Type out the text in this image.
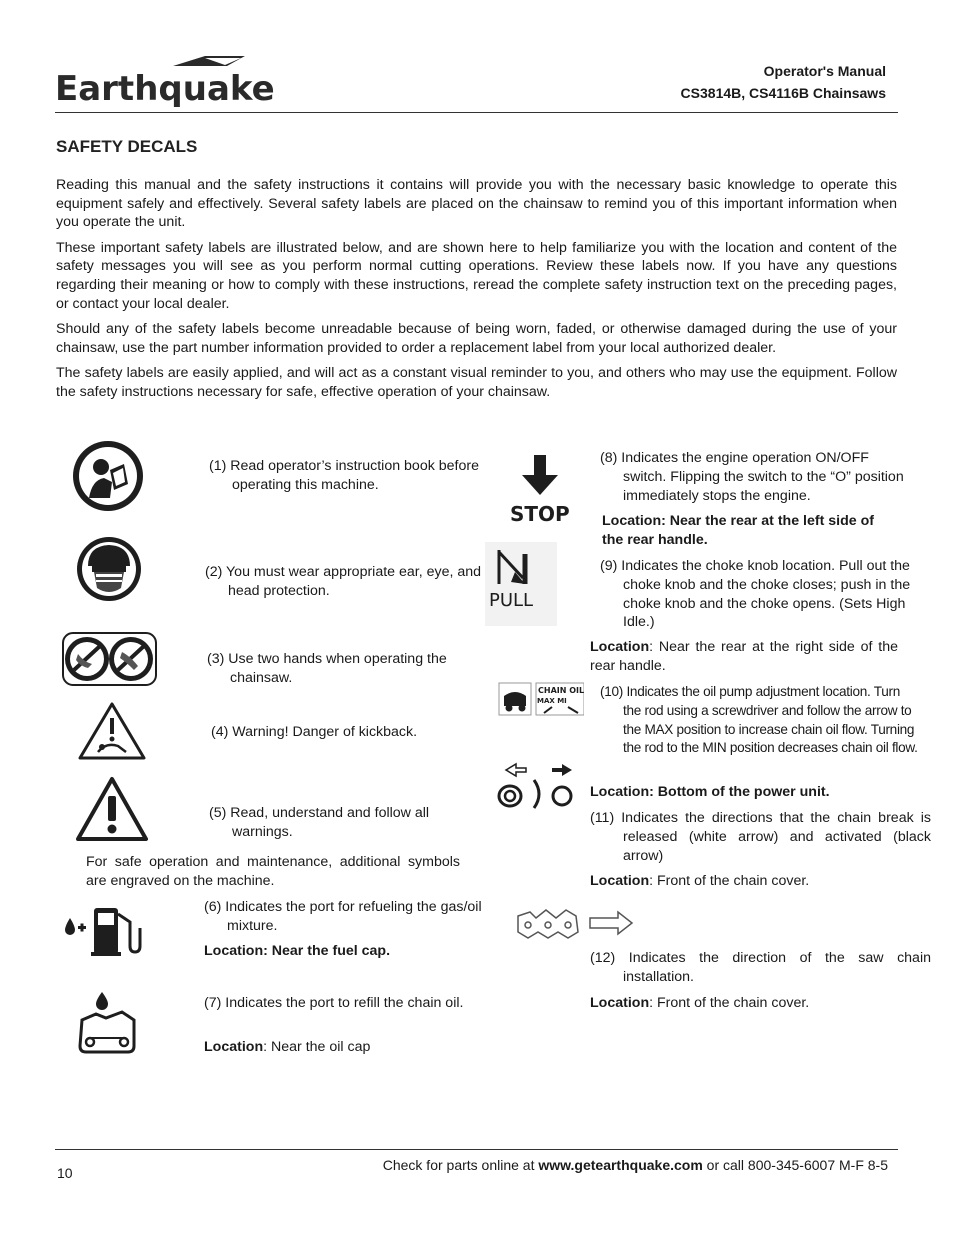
Earthquake	Operator's Manual
CS3814B, CS4116B Chainsaws
SAFETY DECALS

Reading this manual and the safety instructions it contains will provide you with the necessary basic knowledge to operate this equipment safely and effectively. Several safety labels are placed on the chainsaw to remind you of this important information when you operate the unit.

These important safety labels are illustrated below, and are shown here to help familiarize you with the location and content of the safety messages you will see as you perform normal cutting operations. Review these labels now. If you have any questions regarding their meaning or how to comply with these instructions, reread the complete safety instruction text on the preceding pages, or contact your local dealer.

Should any of the safety labels become unreadable because of being worn, faded, or otherwise damaged during the use of your chainsaw, use the part number information provided to order a replacement label from your local authorized dealer.

The safety labels are easily applied, and will act as a constant visual reminder to you, and others who may use the equipment. Follow the safety instructions necessary for safe, effective operation of your chainsaw.

(1) Read operator’s instruction book before operating this machine.
(2) You must wear appropriate ear, eye, and head protection.
(3) Use two hands when operating the chainsaw.
(4) Warning! Danger of kickback.
(5) Read, understand and follow all warnings.
For safe operation and maintenance, additional symbols are engraved on the machine.
(6) Indicates the port for refueling the gas/oil mixture.
Location: Near the fuel cap.
(7) Indicates the port to refill the chain oil.
Location: Near the oil cap
STOP
PULL
CHAIN OIL
MAX MI
(8) Indicates the engine operation ON/OFF switch. Flipping the switch to the “O” position immediately stops the engine.
Location: Near the rear at the left side of the rear handle.
(9) Indicates the choke knob location. Pull out the choke knob and the choke closes; push in the choke knob and the choke opens. (Sets High Idle.)
Location: Near the rear at the right side of the rear handle.
(10) Indicates the oil pump adjustment location. Turn the rod using a screwdriver and follow the arrow to the MAX position to increase chain oil flow. Turning the rod to the MIN position decreases chain oil flow.
Location: Bottom of the power unit.
(11) Indicates the directions that the chain break is released (white arrow) and activated (black arrow)
Location: Front of the chain cover.
(12) Indicates the direction of the saw chain installation.
Location: Front of the chain cover.
10	Check for parts online at www.getearthquake.com or call 800-345-6007 M-F 8-5
